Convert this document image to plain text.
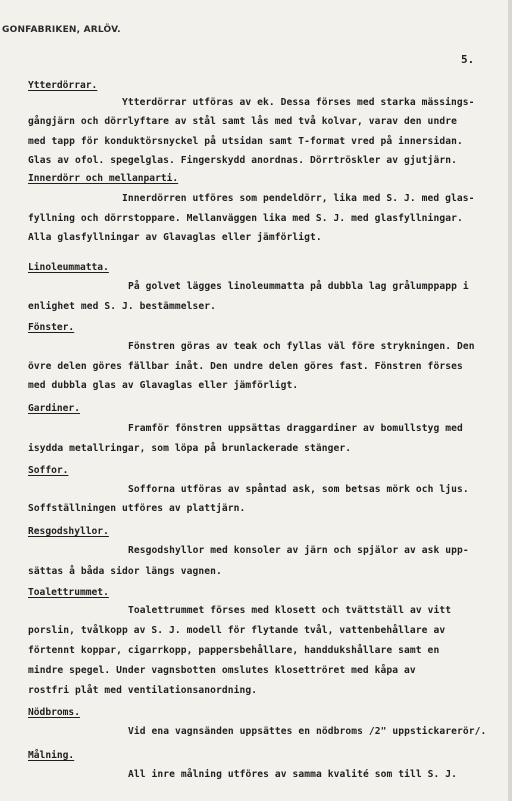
GONFABRIKEN, ARLÖV.
5.
Ytterdörrar.
Ytterdörrar utföras av ek. Dessa förses med starka mässings-
gångjärn och dörrlyftare av stål samt lås med två kolvar, varav den undre
med tapp för konduktörsnyckel på utsidan samt T-format vred på innersidan.
Glas av ofol. spegelglas. Fingerskydd anordnas. Dörrtröskler av gjutjärn.
Innerdörr och mellanparti.
Innerdörren utföres som pendeldörr, lika med S. J. med glas-
fyllning och dörrstoppare. Mellanväggen lika med S. J. med glasfyllningar.
Alla glasfyllningar av Glavaglas eller jämförligt.
Linoleummatta.
På golvet lägges linoleummatta på dubbla lag grålumppapp i
enlighet med S. J. bestämmelser.
Fönster.
Fönstren göras av teak och fyllas väl före strykningen. Den
övre delen göres fällbar inåt. Den undre delen göres fast. Fönstren förses
med dubbla glas av Glavaglas eller jämförligt.
Gardiner.
Framför fönstren uppsättas draggardiner av bomullstyg med
isydda metallringar, som löpa på brunlackerade stänger.
Soffor.
Sofforna utföras av spåntad ask, som betsas mörk och ljus.
Soffställningen utföres av plattjärn.
Resgodshyllor.
Resgodshyllor med konsoler av järn och spjälor av ask upp-
sättas å båda sidor längs vagnen.
Toalettrummet.
Toalettrummet förses med klosett och tvättställ av vitt
porslin, tvålkopp av S. J. modell för flytande tvål, vattenbehållare av
förtennt koppar, cigarrkopp, pappersbehållare, handdukshållare samt en
mindre spegel. Under vagnsbotten omslutes klosettröret med kåpa av
rostfri plåt med ventilationsanordning.
Nödbroms.
Vid ena vagnsänden uppsättes en nödbroms /2" uppstickarerör/.
Målning.
All inre målning utföres av samma kvalité som till S. J.
